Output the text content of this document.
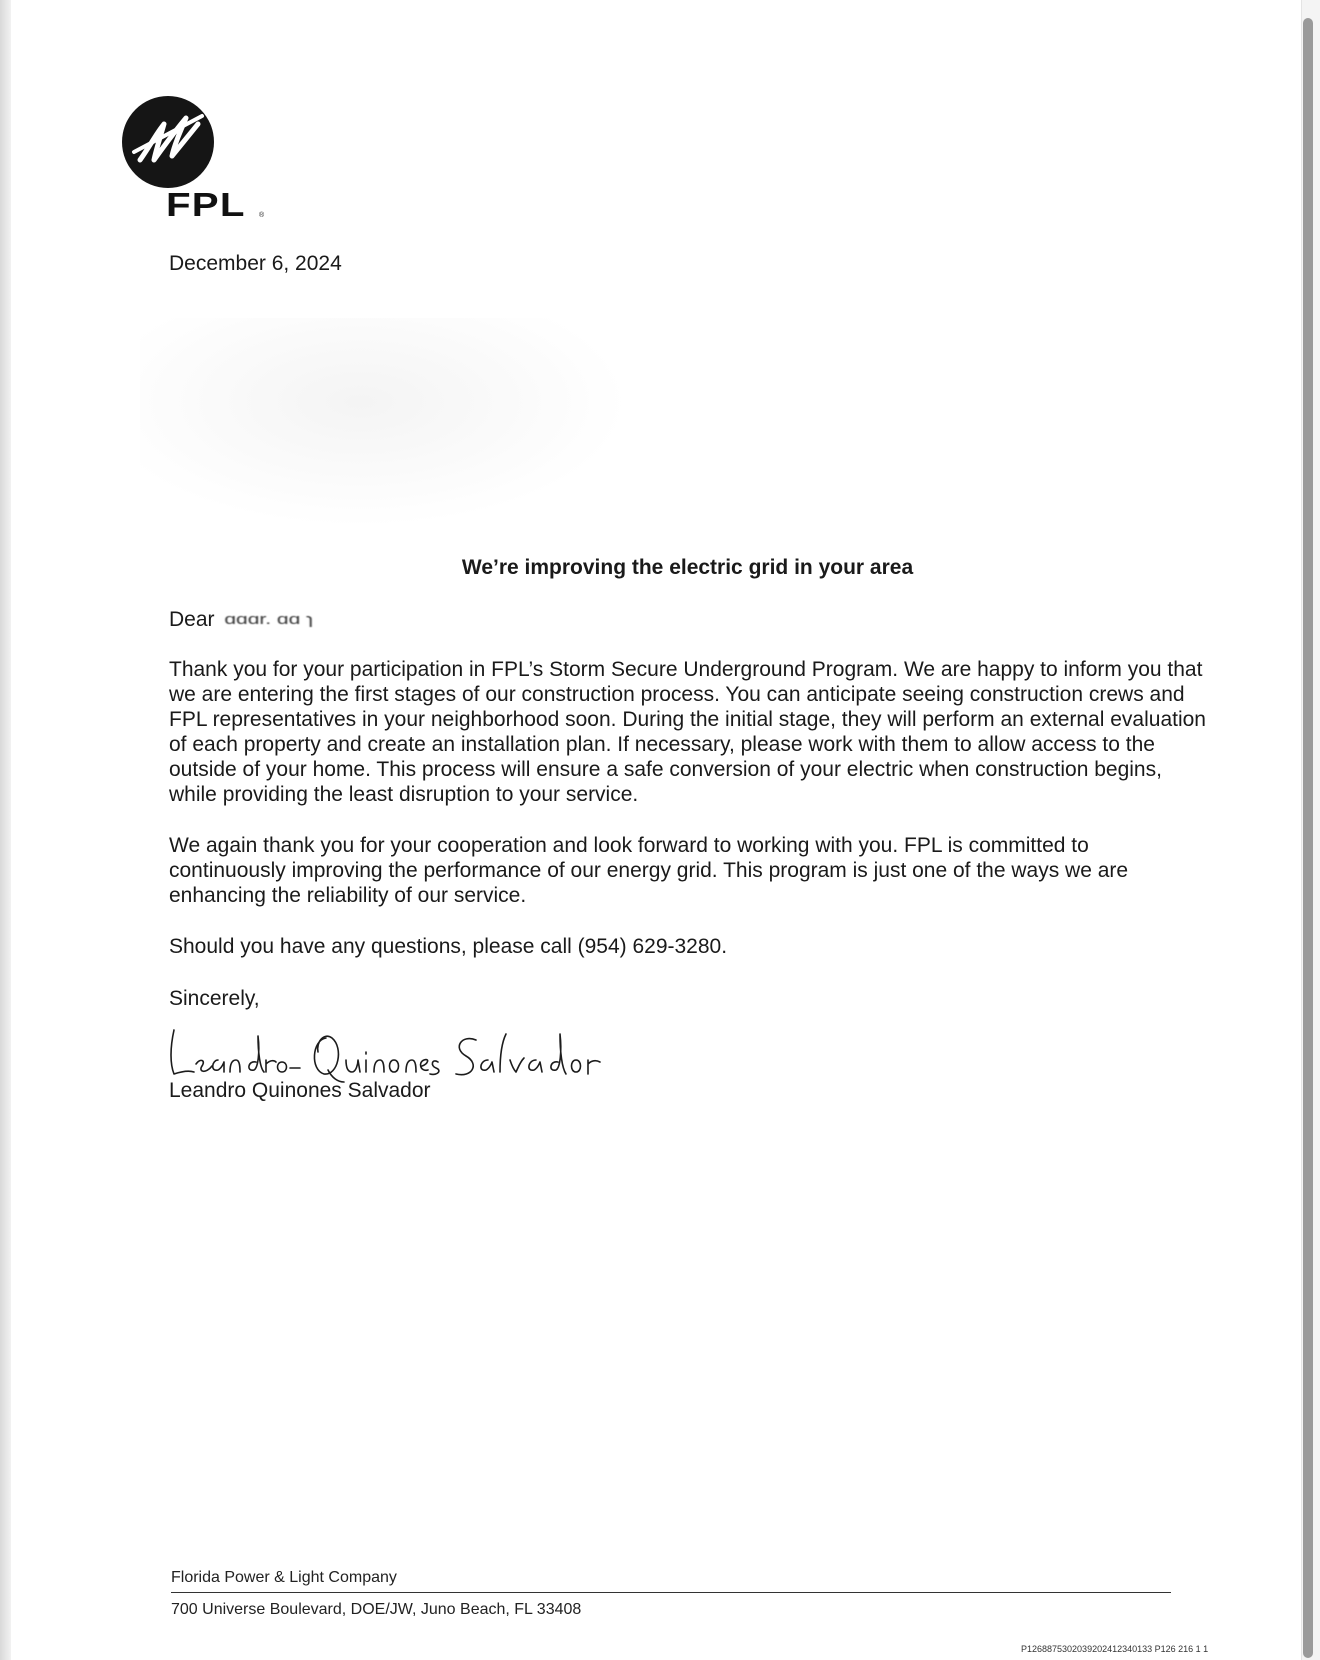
FPL ®
December 6, 2024
We’re improving the electric grid in your area
Dear ɑɑɑr. ɑɑ ɿ

Thank you for your participation in FPL’s Storm Secure Underground Program. We are happy to inform you that we are entering the first stages of our construction process. You can anticipate seeing construction crews and FPL representatives in your neighborhood soon. During the initial stage, they will perform an external evaluation of each property and create an installation plan. If necessary, please work with them to allow access to the outside of your home. This process will ensure a safe conversion of your electric when construction begins, while providing the least disruption to your service.

We again thank you for your cooperation and look forward to working with you. FPL is committed to continuously improving the performance of our energy grid. This program is just one of the ways we are enhancing the reliability of our service.

Should you have any questions, please call (954) 629-3280.

Sincerely,
Leandro Quinones Salvador
Florida Power & Light Company
700 Universe Boulevard, DOE/JW, Juno Beach, FL 33408
P126887530203920241234013​3 P126 216 1 1
